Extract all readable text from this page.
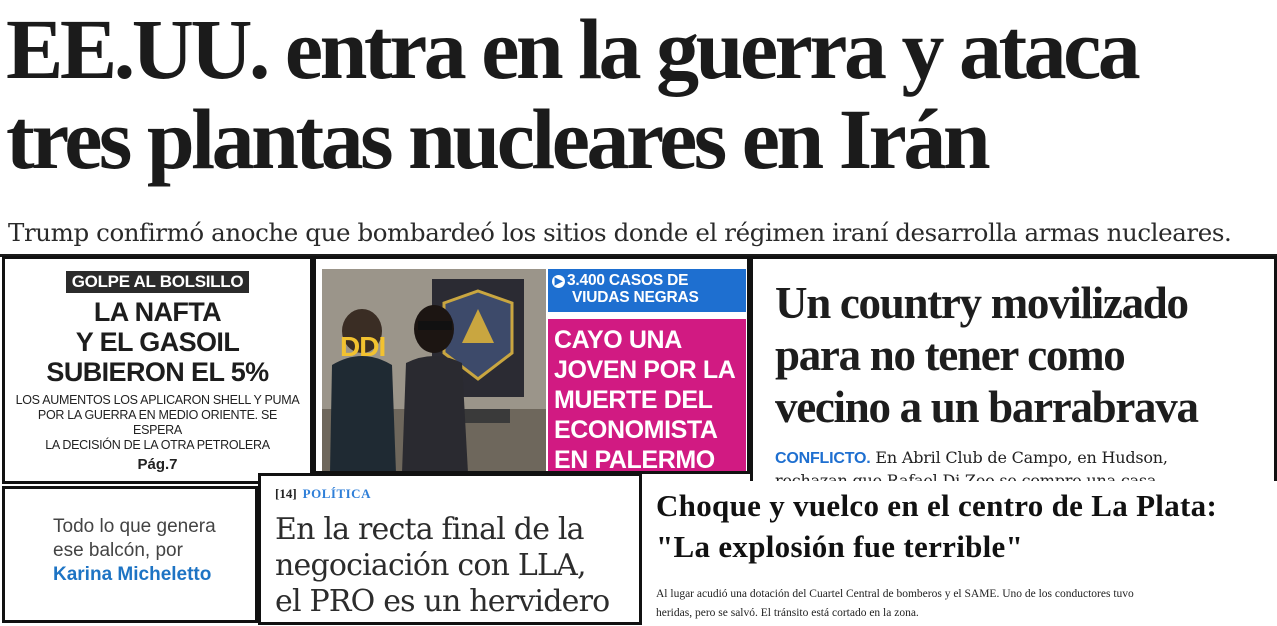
EE.UU. entra en la guerra y ataca
tres plantas nucleares en Irán
Trump confirmó anoche que bombardeó los sitios donde el régimen iraní desarrolla armas nucleares.
GOLPE AL BOLSILLO
LA NAFTA
Y EL GASOIL
SUBIERON EL 5%
LOS AUMENTOS LOS APLICARON SHELL Y PUMA
POR LA GUERRA EN MEDIO ORIENTE. SE ESPERA
LA DECISIÓN DE LA OTRA PETROLERA
Pág.7
DDI
▶ 3.400 CASOS DE
VIUDAS NEGRAS
CAYO UNA
JOVEN POR LA
MUERTE DEL
ECONOMISTA
EN PALERMO
Un country movilizado
para no tener como
vecino a un barrabrava
CONFLICTO. En Abril Club de Campo, en Hudson,

Todo lo que genera
ese balcón, por
Karina Micheletto
[14] POLÍTICA
En la recta final de la
negociación con LLA,
el PRO es un hervidero
Choque y vuelco en el centro de La Plata: "La explosión fue terrible"
Al lugar acudió una dotación del Cuartel Central de bomberos y el SAME. Uno de los conductores tuvo
heridas, pero se salvó. El tránsito está cortado en la zona.
